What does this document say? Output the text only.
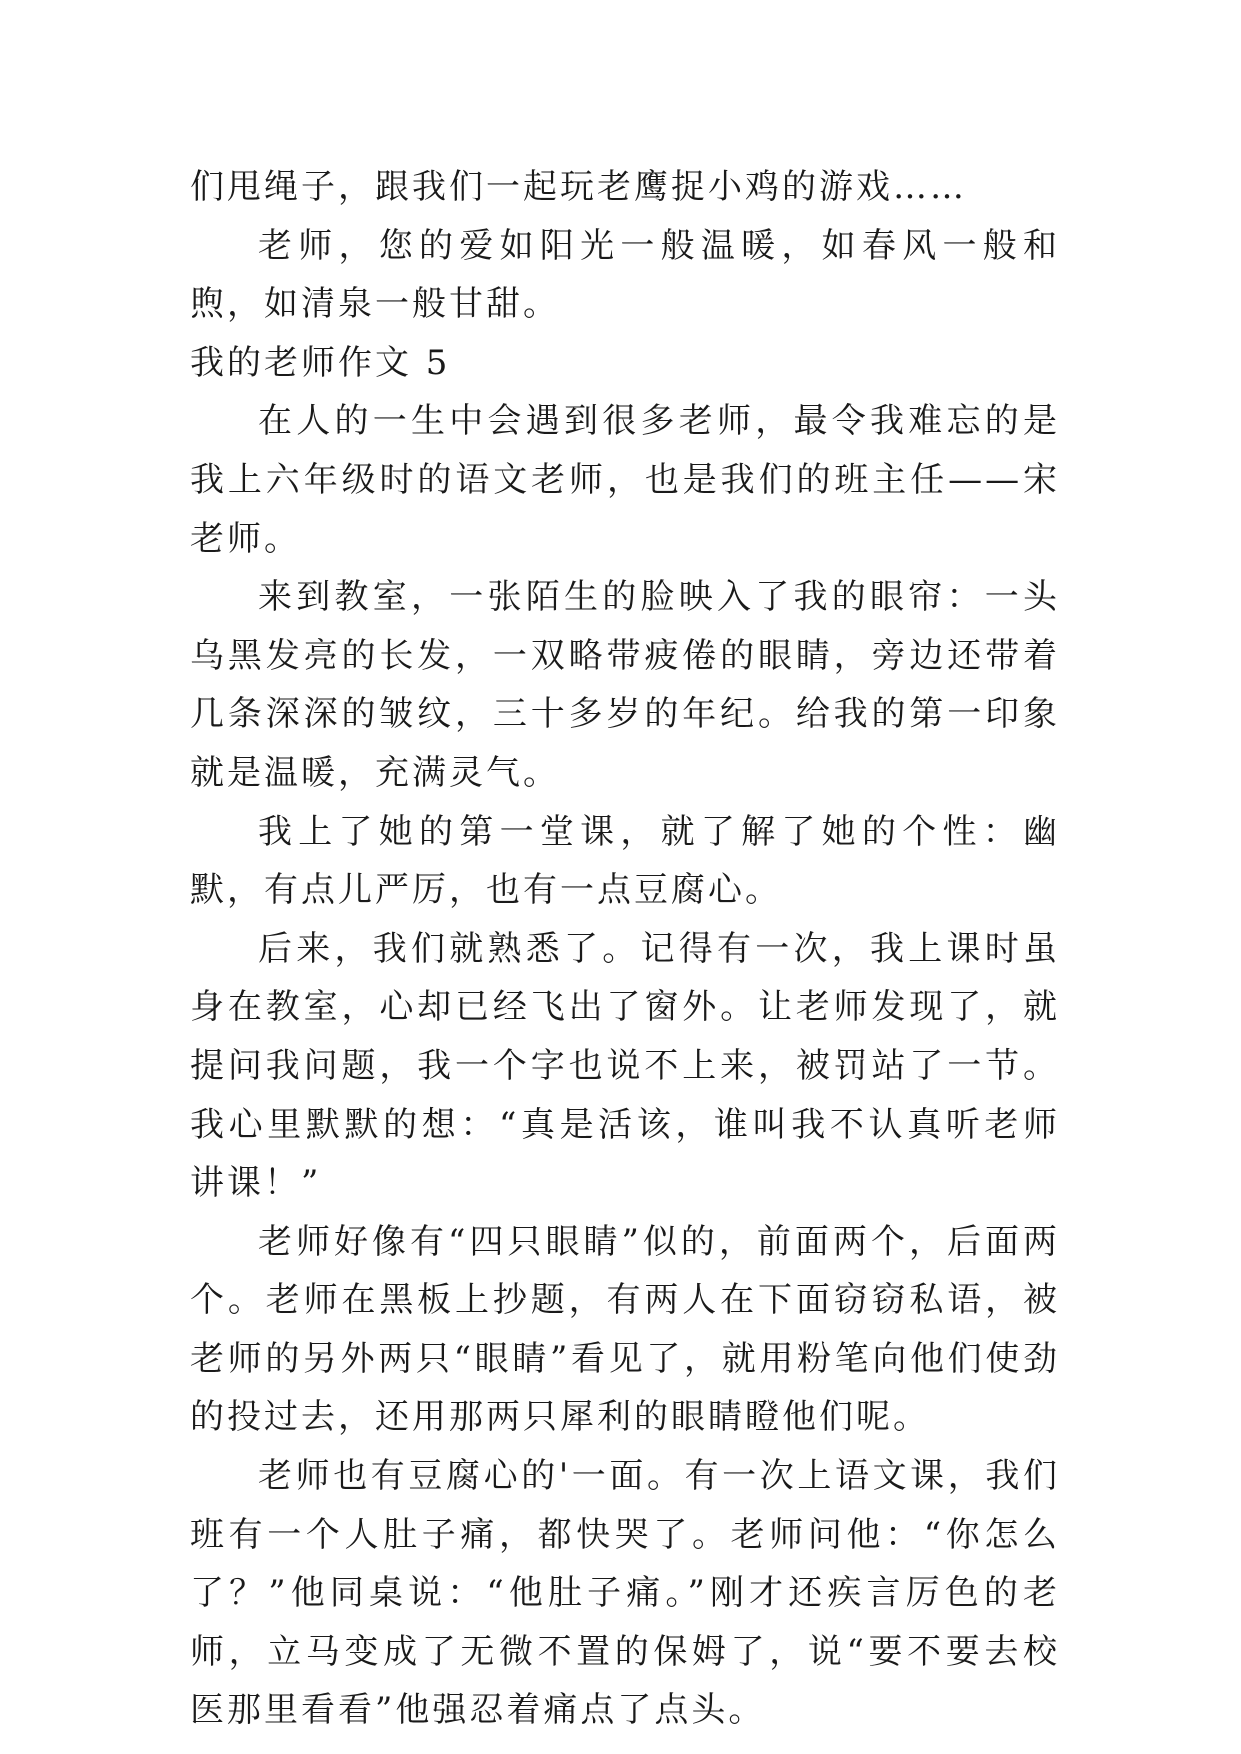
们甩绳子，跟我们一起玩老鹰捉小鸡的游戏……

老师，您的爱如阳光一般温暖，如春风一般和煦，如清泉一般甘甜。

我的老师作文 5

在人的一生中会遇到很多老师，最令我难忘的是我上六年级时的语文老师，也是我们的班主任——宋老师。

来到教室，一张陌生的脸映入了我的眼帘：一头乌黑发亮的长发，一双略带疲倦的眼睛，旁边还带着几条深深的皱纹，三十多岁的年纪。给我的第一印象就是温暖，充满灵气。

我上了她的第一堂课，就了解了她的个性：幽默，有点儿严厉，也有一点豆腐心。

后来，我们就熟悉了。记得有一次，我上课时虽身在教室，心却已经飞出了窗外。让老师发现了，就提问我问题，我一个字也说不上来，被罚站了一节。我心里默默的想：“真是活该，谁叫我不认真听老师讲课！”

老师好像有“四只眼睛”似的，前面两个，后面两个。老师在黑板上抄题，有两人在下面窃窃私语，被老师的另外两只“眼睛”看见了，就用粉笔向他们使劲的投过去，还用那两只犀利的眼睛瞪他们呢。

老师也有豆腐心的'一面。有一次上语文课，我们班有一个人肚子痛，都快哭了。老师问他：“你怎么了？”他同桌说：“他肚子痛。”刚才还疾言厉色的老师，立马变成了无微不置的保姆了，说“要不要去校医那里看看”他强忍着痛点了点头。
